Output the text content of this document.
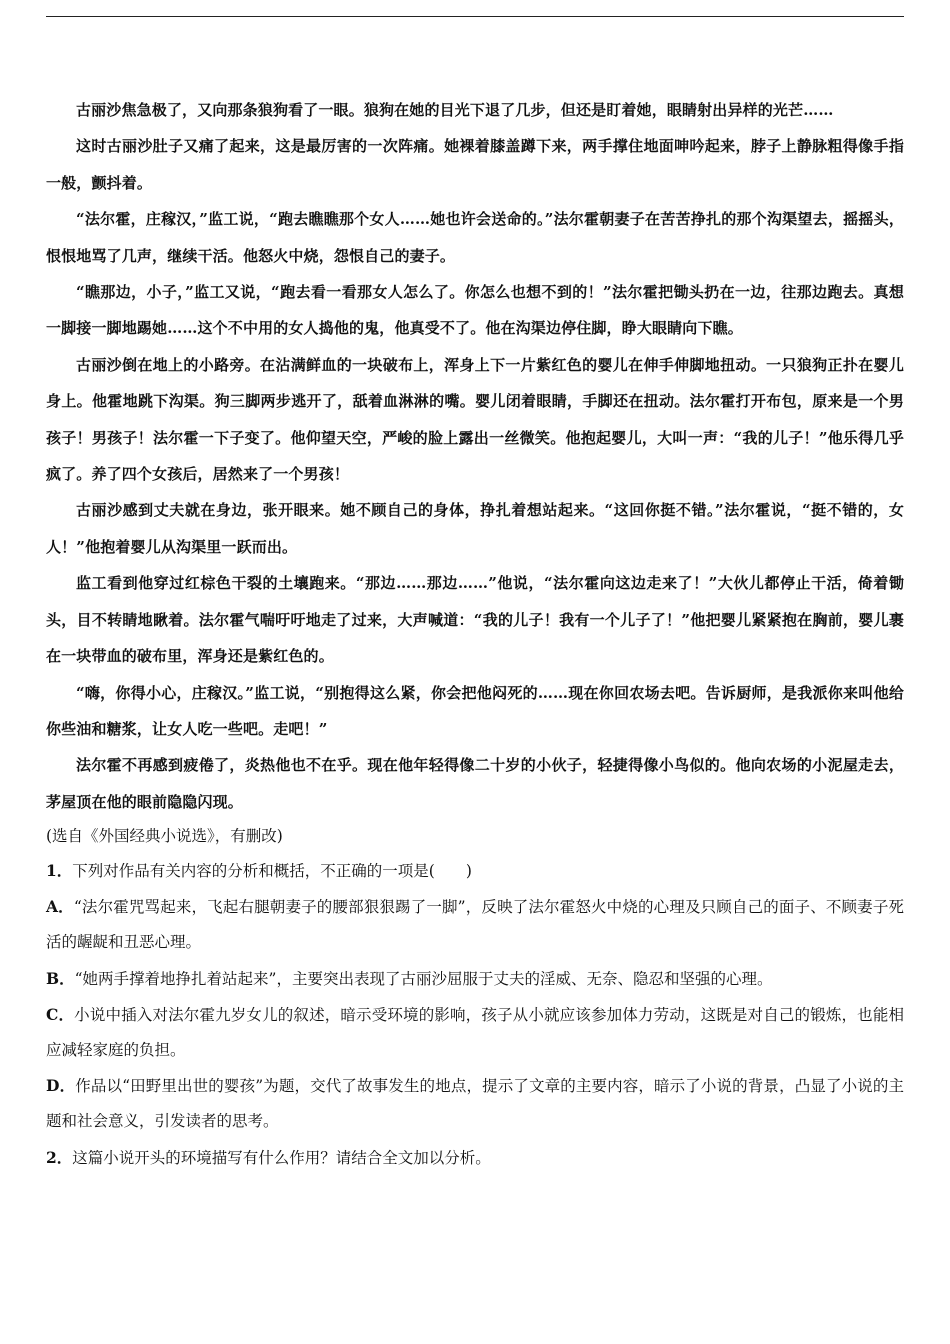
古丽沙焦急极了，又向那条狼狗看了一眼。狼狗在她的目光下退了几步，但还是盯着她，眼睛射出异样的光芒……

这时古丽沙肚子又痛了起来，这是最厉害的一次阵痛。她裸着膝盖蹲下来，两手撑住地面呻吟起来，脖子上静脉粗得像手指一般，颤抖着。

“法尔霍，庄稼汉，”监工说，“跑去瞧瞧那个女人……她也许会送命的。”法尔霍朝妻子在苦苦挣扎的那个沟渠望去，摇摇头，恨恨地骂了几声，继续干活。他怒火中烧，怨恨自己的妻子。

“瞧那边，小子，”监工又说，“跑去看一看那女人怎么了。你怎么也想不到的！”法尔霍把锄头扔在一边，往那边跑去。真想一脚接一脚地踢她……这个不中用的女人捣他的鬼，他真受不了。他在沟渠边停住脚，睁大眼睛向下瞧。

古丽沙倒在地上的小路旁。在沾满鲜血的一块破布上，浑身上下一片紫红色的婴儿在伸手伸脚地扭动。一只狼狗正扑在婴儿身上。他霍地跳下沟渠。狗三脚两步逃开了，舐着血淋淋的嘴。婴儿闭着眼睛，手脚还在扭动。法尔霍打开布包，原来是一个男孩子！男孩子！法尔霍一下子变了。他仰望天空，严峻的脸上露出一丝微笑。他抱起婴儿，大叫一声：“我的儿子！”他乐得几乎疯了。养了四个女孩后，居然来了一个男孩！

古丽沙感到丈夫就在身边，张开眼来。她不顾自己的身体，挣扎着想站起来。“这回你挺不错。”法尔霍说，“挺不错的，女人！”他抱着婴儿从沟渠里一跃而出。

监工看到他穿过红棕色干裂的土壤跑来。“那边……那边……”他说，“法尔霍向这边走来了！”大伙儿都停止干活，倚着锄头，目不转睛地瞅着。法尔霍气喘吁吁地走了过来，大声喊道：“我的儿子！我有一个儿子了！”他把婴儿紧紧抱在胸前，婴儿裹在一块带血的破布里，浑身还是紫红色的。

“嗨，你得小心，庄稼汉。”监工说，“别抱得这么紧，你会把他闷死的……现在你回农场去吧。告诉厨师，是我派你来叫他给你些油和糖浆，让女人吃一些吧。走吧！”

法尔霍不再感到疲倦了，炎热他也不在乎。现在他年轻得像二十岁的小伙子，轻捷得像小鸟似的。他向农场的小泥屋走去，茅屋顶在他的眼前隐隐闪现。

(选自《外国经典小说选》，有删改)

1．下列对作品有关内容的分析和概括，不正确的一项是(　　)

A．“法尔霍咒骂起来，飞起右腿朝妻子的腰部狠狠踢了一脚”，反映了法尔霍怒火中烧的心理及只顾自己的面子、不顾妻子死活的龌龊和丑恶心理。

B．“她两手撑着地挣扎着站起来”，主要突出表现了古丽沙屈服于丈夫的淫威、无奈、隐忍和坚强的心理。

C．小说中插入对法尔霍九岁女儿的叙述，暗示受环境的影响，孩子从小就应该参加体力劳动，这既是对自己的锻炼，也能相应减轻家庭的负担。

D．作品以“田野里出世的婴孩”为题，交代了故事发生的地点，提示了文章的主要内容，暗示了小说的背景，凸显了小说的主题和社会意义，引发读者的思考。

2．这篇小说开头的环境描写有什么作用？请结合全文加以分析。
